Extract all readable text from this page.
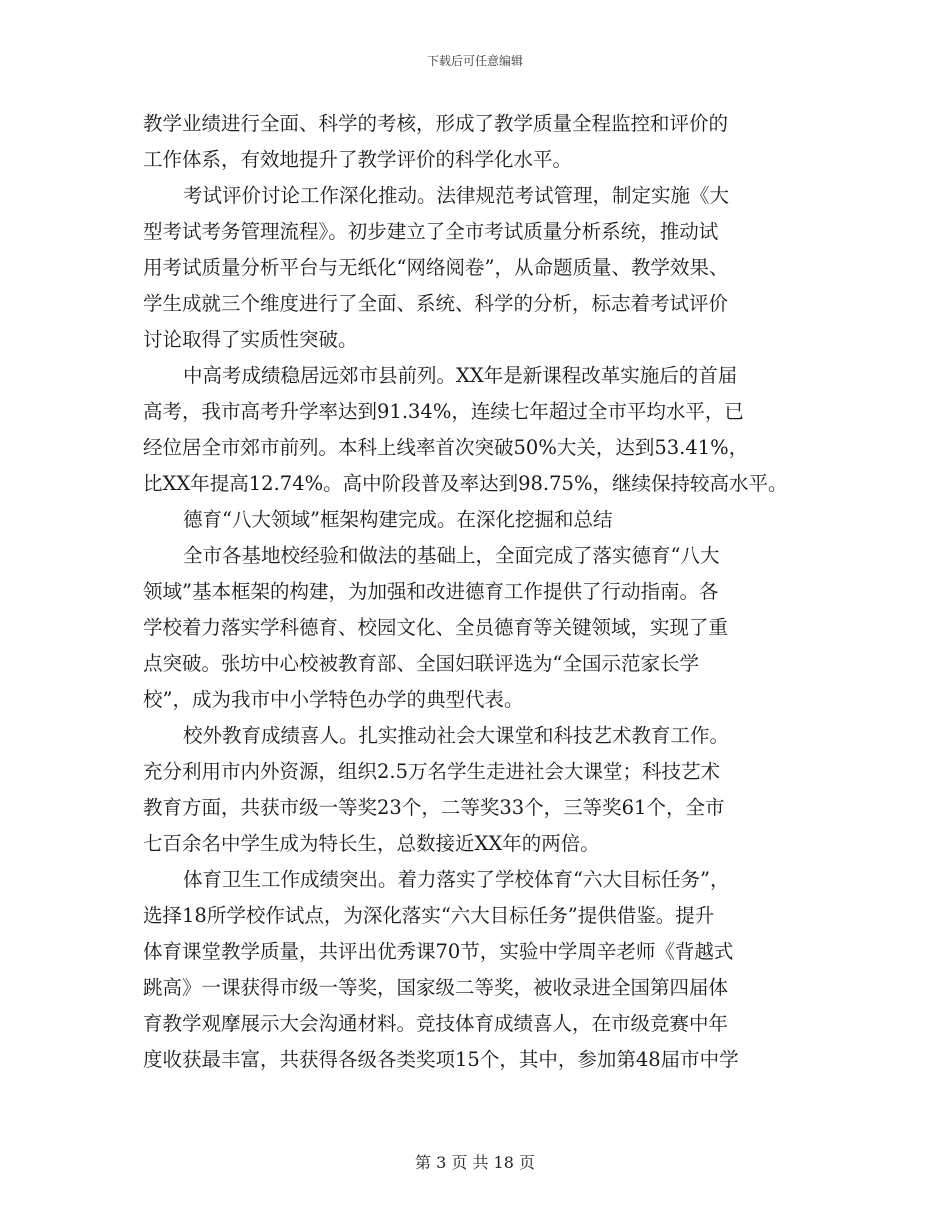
下载后可任意编辑
教学业绩进行全面、科学的考核，形成了教学质量全程监控和评价的
工作体系，有效地提升了教学评价的科学化水平。
考试评价讨论工作深化推动。法律规范考试管理，制定实施《大
型考试考务管理流程》。初步建立了全市考试质量分析系统，推动试
用考试质量分析平台与无纸化“网络阅卷”，从命题质量、教学效果、
学生成就三个维度进行了全面、系统、科学的分析，标志着考试评价
讨论取得了实质性突破。
中高考成绩稳居远郊市县前列。XX年是新课程改革实施后的首届
高考，我市高考升学率达到91.34%，连续七年超过全市平均水平，已
经位居全市郊市前列。本科上线率首次突破50%大关，达到53.41%，
比XX年提高12.74%。高中阶段普及率达到98.75%，继续保持较高水平。
德育“八大领域”框架构建完成。在深化挖掘和总结
全市各基地校经验和做法的基础上，全面完成了落实德育“八大
领域”基本框架的构建，为加强和改进德育工作提供了行动指南。各
学校着力落实学科德育、校园文化、全员德育等关键领域，实现了重
点突破。张坊中心校被教育部、全国妇联评选为“全国示范家长学
校”，成为我市中小学特色办学的典型代表。
校外教育成绩喜人。扎实推动社会大课堂和科技艺术教育工作。
充分利用市内外资源，组织2.5万名学生走进社会大课堂；科技艺术
教育方面，共获市级一等奖23个，二等奖33个，三等奖61个，全市
七百余名中学生成为特长生，总数接近XX年的两倍。
体育卫生工作成绩突出。着力落实了学校体育“六大目标任务”，
选择18所学校作试点，为深化落实“六大目标任务”提供借鉴。提升
体育课堂教学质量，共评出优秀课70节，实验中学周辛老师《背越式
跳高》一课获得市级一等奖，国家级二等奖，被收录进全国第四届体
育教学观摩展示大会沟通材料。竞技体育成绩喜人，在市级竞赛中年
度收获最丰富，共获得各级各类奖项15个，其中，参加第48届市中学
第 3 页 共 18 页
